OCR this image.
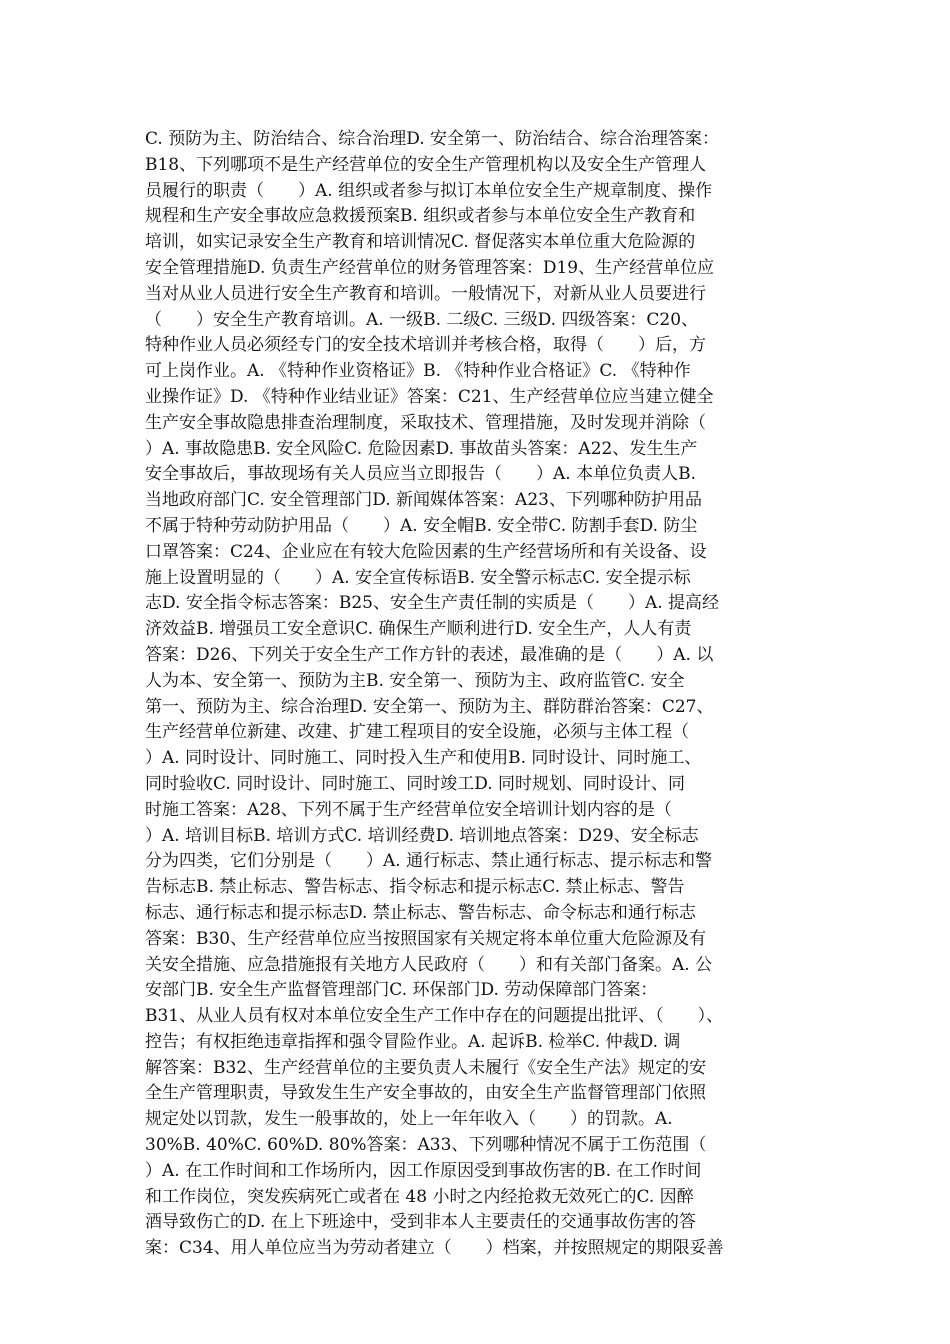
C. 预防为主、防治结合、综合治理D. 安全第一、防治结合、综合治理答案：
B18、下列哪项不是生产经营单位的安全生产管理机构以及安全生产管理人
员履行的职责（　　）A. 组织或者参与拟订本单位安全生产规章制度、操作
规程和生产安全事故应急救援预案B. 组织或者参与本单位安全生产教育和
培训，如实记录安全生产教育和培训情况C. 督促落实本单位重大危险源的
安全管理措施D. 负责生产经营单位的财务管理答案：D19、生产经营单位应
当对从业人员进行安全生产教育和培训。一般情况下，对新从业人员要进行
（　　）安全生产教育培训。A. 一级B. 二级C. 三级D. 四级答案：C20、
特种作业人员必须经专门的安全技术培训并考核合格，取得（　　）后，方
可上岗作业。A. 《特种作业资格证》B. 《特种作业合格证》C. 《特种作
业操作证》D. 《特种作业结业证》答案：C21、生产经营单位应当建立健全
生产安全事故隐患排查治理制度，采取技术、管理措施，及时发现并消除（
）A. 事故隐患B. 安全风险C. 危险因素D. 事故苗头答案：A22、发生生产
安全事故后，事故现场有关人员应当立即报告（　　）A. 本单位负责人B.
当地政府部门C. 安全管理部门D. 新闻媒体答案：A23、下列哪种防护用品
不属于特种劳动防护用品（　　）A. 安全帽B. 安全带C. 防割手套D. 防尘
口罩答案：C24、企业应在有较大危险因素的生产经营场所和有关设备、设
施上设置明显的（　　）A. 安全宣传标语B. 安全警示标志C. 安全提示标
志D. 安全指令标志答案：B25、安全生产责任制的实质是（　　）A. 提高经
济效益B. 增强员工安全意识C. 确保生产顺利进行D. 安全生产，人人有责
答案：D26、下列关于安全生产工作方针的表述，最准确的是（　　）A. 以
人为本、安全第一、预防为主B. 安全第一、预防为主、政府监管C. 安全
第一、预防为主、综合治理D. 安全第一、预防为主、群防群治答案：C27、
生产经营单位新建、改建、扩建工程项目的安全设施，必须与主体工程（
）A. 同时设计、同时施工、同时投入生产和使用B. 同时设计、同时施工、
同时验收C. 同时设计、同时施工、同时竣工D. 同时规划、同时设计、同
时施工答案：A28、下列不属于生产经营单位安全培训计划内容的是（
）A. 培训目标B. 培训方式C. 培训经费D. 培训地点答案：D29、安全标志
分为四类，它们分别是（　　）A. 通行标志、禁止通行标志、提示标志和警
告标志B. 禁止标志、警告标志、指令标志和提示标志C. 禁止标志、警告
标志、通行标志和提示标志D. 禁止标志、警告标志、命令标志和通行标志
答案：B30、生产经营单位应当按照国家有关规定将本单位重大危险源及有
关安全措施、应急措施报有关地方人民政府（　　）和有关部门备案。A. 公
安部门B. 安全生产监督管理部门C. 环保部门D. 劳动保障部门答案：
B31、从业人员有权对本单位安全生产工作中存在的问题提出批评、（　　）、
控告；有权拒绝违章指挥和强令冒险作业。A. 起诉B. 检举C. 仲裁D. 调
解答案：B32、生产经营单位的主要负责人未履行《安全生产法》规定的安
全生产管理职责，导致发生生产安全事故的，由安全生产监督管理部门依照
规定处以罚款，发生一般事故的，处上一年年收入（　　）的罚款。A.
30%B. 40%C. 60%D. 80%答案：A33、下列哪种情况不属于工伤范围（
）A. 在工作时间和工作场所内，因工作原因受到事故伤害的B. 在工作时间
和工作岗位，突发疾病死亡或者在 48 小时之内经抢救无效死亡的C. 因醉
酒导致伤亡的D. 在上下班途中，受到非本人主要责任的交通事故伤害的答
案：C34、用人单位应当为劳动者建立（　　）档案，并按照规定的期限妥善
